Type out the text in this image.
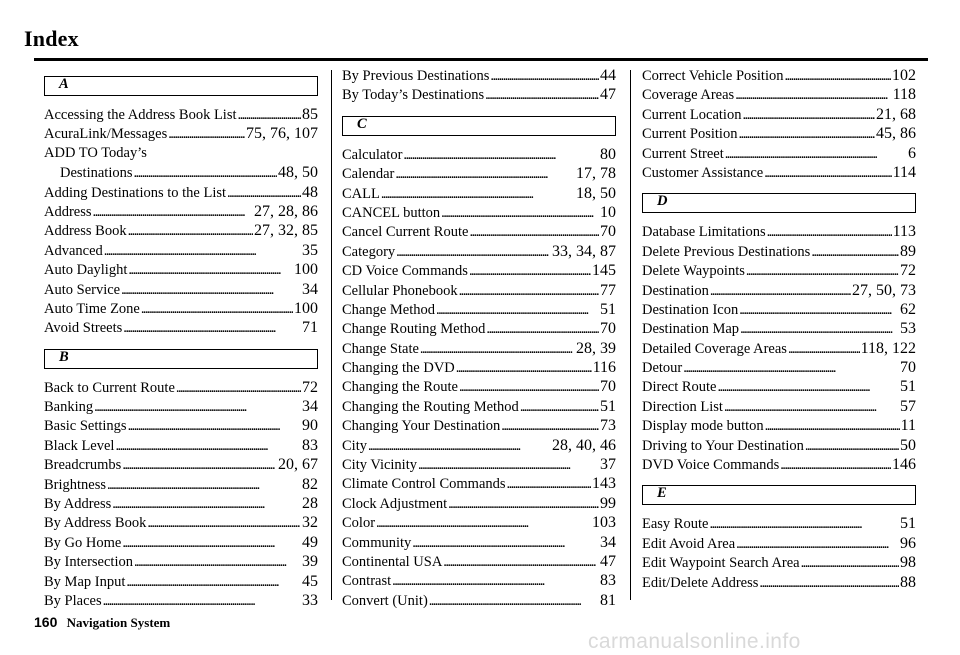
Index
A
Accessing the Address Book List . . .	85
AcuraLink/Messages . . .	75, 76, 107
ADD TO Today’s
Destinations . . .	48, 50
Adding Destinations to the List . . .	48
Address . . .	27, 28, 86
Address Book . . .	27, 32, 85
Advanced . . .	35
Auto Daylight . . .	100
Auto Service . . .	34
Auto Time Zone . . .	100
Avoid Streets . . .	71
B
Back to Current Route . . .	72
Banking . . .	34
Basic Settings . . .	90
Black Level . . .	83
Breadcrumbs . . .	20, 67
Brightness . . .	82
By Address . . .	28
By Address Book . . .	32
By Go Home . . .	49
By Intersection . . .	39
By Map Input . . .	45
By Places . . .	33
By Previous Destinations . . .	44
By Today’s Destinations . . .	47
C
Calculator . . .	80
Calendar . . .	17, 78
CALL . . .	18, 50
CANCEL button . . .	10
Cancel Current Route . . .	70
Category . . .	33, 34, 87
CD Voice Commands . . .	145
Cellular Phonebook . . .	77
Change Method . . .	51
Change Routing Method . . .	70
Change State . . .	28, 39
Changing the DVD . . .	116
Changing the Route . . .	70
Changing the Routing Method . . .	51
Changing Your Destination . . .	73
City . . .	28, 40, 46
City Vicinity . . .	37
Climate Control Commands . . .	143
Clock Adjustment . . .	99
Color . . .	103
Community . . .	34
Continental USA . . .	47
Contrast . . .	83
Convert (Unit) . . .	81
Correct Vehicle Position . . .	102
Coverage Areas . . .	118
Current Location . . .	21, 68
Current Position . . .	45, 86
Current Street . . .	6
Customer Assistance . . .	114
D
Database Limitations . . .	113
Delete Previous Destinations . . .	89
Delete Waypoints . . .	72
Destination . . .	27, 50, 73
Destination Icon . . .	62
Destination Map . . .	53
Detailed Coverage Areas . . .	118, 122
Detour . . .	70
Direct Route . . .	51
Direction List . . .	57
Display mode button . . .	11
Driving to Your Destination . . .	50
DVD Voice Commands . . .	146
E
Easy Route . . .	51
Edit Avoid Area . . .	96
Edit Waypoint Search Area . . .	98
Edit/Delete Address . . .	88
160 Navigation System
carmanualsonline.info
